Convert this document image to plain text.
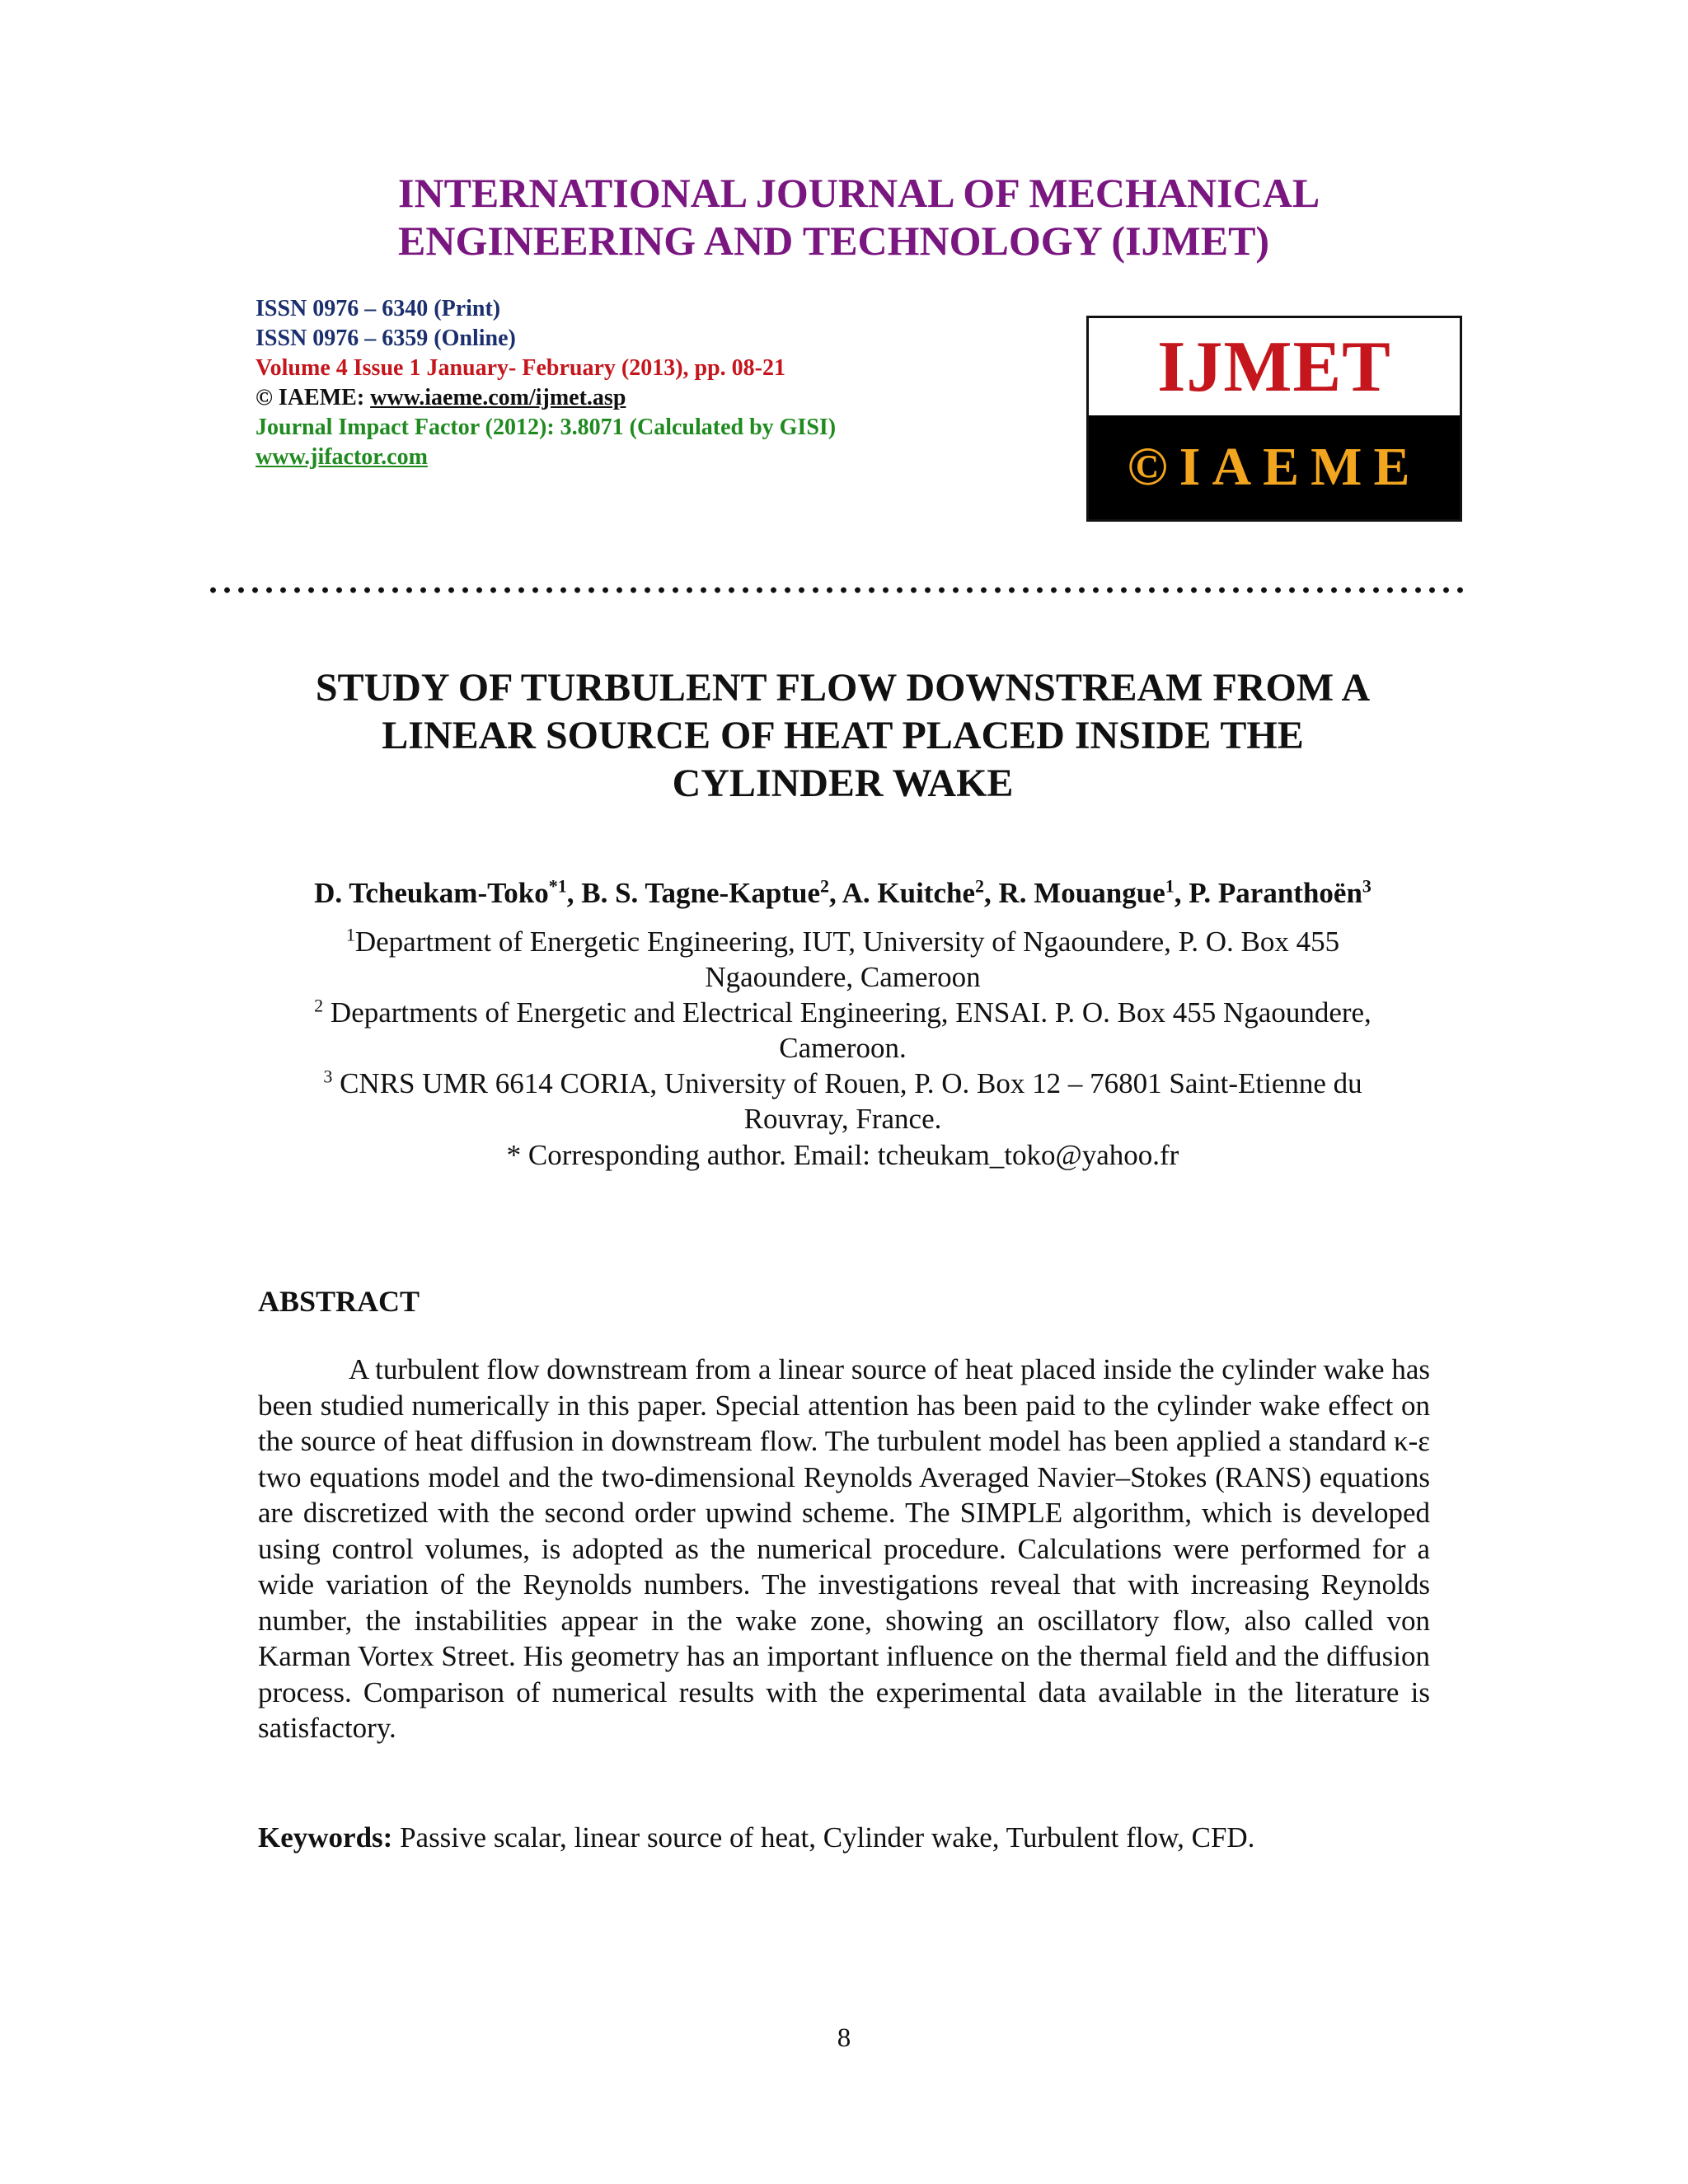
INTERNATIONAL JOURNAL OF MECHANICAL
ENGINEERING AND TECHNOLOGY (IJMET)
ISSN 0976 – 6340 (Print)
ISSN 0976 – 6359 (Online)
Volume 4 Issue 1 January- February (2013), pp. 08-21
© IAEME: www.iaeme.com/ijmet.asp
Journal Impact Factor (2012): 3.8071 (Calculated by GISI)
www.jifactor.com
IJMET
©IAEME
STUDY OF TURBULENT FLOW DOWNSTREAM FROM A
LINEAR SOURCE OF HEAT PLACED INSIDE THE
CYLINDER WAKE
D. Tcheukam-Toko$^{*1}$, B. S. Tagne-Kaptue$^2$, A. Kuitche$^2$, R. Mouangue$^1$, P. Paranthoën$^3$
$^1$Department of Energetic Engineering, IUT, University of Ngaoundere, P. O. Box 455
Ngaoundere, Cameroon
$^2$ Departments of Energetic and Electrical Engineering, ENSAI. P. O. Box 455 Ngaoundere,
Cameroon.
$^3$ CNRS UMR 6614 CORIA, University of Rouen, P. O. Box 12 – 76801 Saint-Etienne du
Rouvray, France.
* Corresponding author. Email: tcheukam_toko@yahoo.fr
ABSTRACT
A turbulent flow downstream from a linear source of heat placed inside the cylinder wake has been studied numerically in this paper. Special attention has been paid to the cylinder wake effect on the source of heat diffusion in downstream flow. The turbulent model has been applied a standard κ-ε two equations model and the two-dimensional Reynolds Averaged Navier–Stokes (RANS) equations are discretized with the second order upwind scheme. The SIMPLE algorithm, which is developed using control volumes, is adopted as the numerical procedure. Calculations were performed for a wide variation of the Reynolds numbers. The investigations reveal that with increasing Reynolds number, the instabilities appear in the wake zone, showing an oscillatory flow, also called von Karman Vortex Street. His geometry has an important influence on the thermal field and the diffusion process. Comparison of numerical results with the experimental data available in the literature is satisfactory.
Keywords: Passive scalar, linear source of heat, Cylinder wake, Turbulent flow, CFD.
8
